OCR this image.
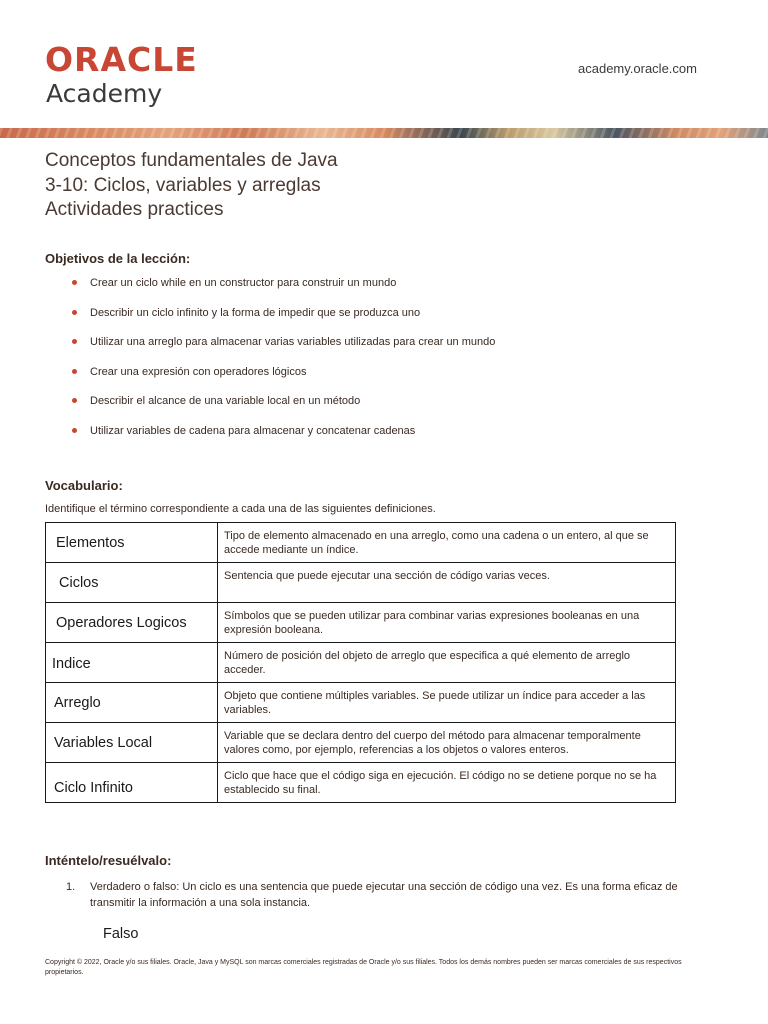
ORACLE
Academy
academy.oracle.com
Conceptos fundamentales de Java
3-10: Ciclos, variables y arreglas
Actividades practices
Objetivos de la lección:
Crear un ciclo while en un constructor para construir un mundo
Describir un ciclo infinito y la forma de impedir que se produzca uno
Utilizar una arreglo para almacenar varias variables utilizadas para crear un mundo
Crear una expresión con operadores lógicos
Describir el alcance de una variable local en un método
Utilizar variables de cadena para almacenar y concatenar cadenas
Vocabulario:
Identifique el término correspondiente a cada una de las siguientes definiciones.
Elementos	Tipo de elemento almacenado en una arreglo, como una cadena o un entero, al que se accede mediante un índice.
Ciclos	Sentencia que puede ejecutar una sección de código varias veces.
Operadores Logicos	Símbolos que se pueden utilizar para combinar varias expresiones booleanas en una expresión booleana.
Indice	Número de posición del objeto de arreglo que especifica a qué elemento de arreglo acceder.
Arreglo	Objeto que contiene múltiples variables. Se puede utilizar un índice para acceder a las variables.
Variables Local	Variable que se declara dentro del cuerpo del método para almacenar temporalmente valores como, por ejemplo, referencias a los objetos o valores enteros.
Ciclo Infinito	Ciclo que hace que el código siga en ejecución. El código no se detiene porque no se ha establecido su final.
Inténtelo/resuélvalo:
1. Verdadero o falso: Un ciclo es una sentencia que puede ejecutar una sección de código una vez. Es una forma eficaz de transmitir la información a una sola instancia.
Falso
Copyright © 2022, Oracle y/o sus filiales. Oracle, Java y MySQL son marcas comerciales registradas de Oracle y/o sus filiales. Todos los demás nombres pueden ser marcas comerciales de sus respectivos propietarios.
